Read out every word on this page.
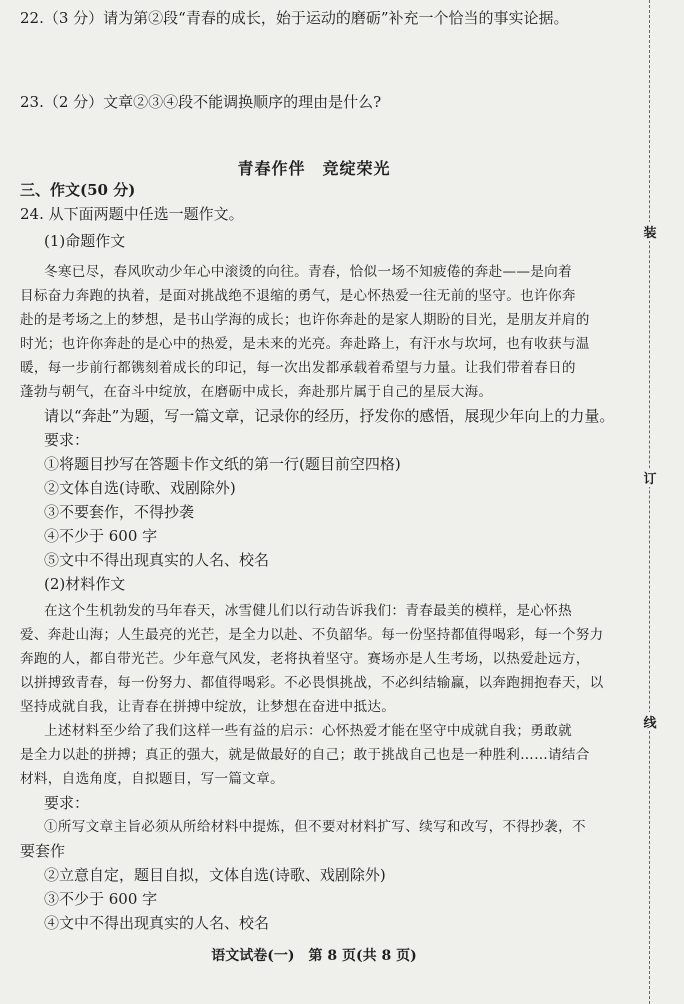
22.（3 分）请为第②段“青春的成长，始于运动的磨砺”补充一个恰当的事实论据。
23.（2 分）文章②③④段不能调换顺序的理由是什么?
青春作伴　竞绽荣光
三、作文(50 分)
24. 从下面两题中任选一题作文。
(1)命题作文
冬寒已尽，春风吹动少年心中滚烫的向往。青春，恰似一场不知疲倦的奔赴——是向着
目标奋力奔跑的执着，是面对挑战绝不退缩的勇气，是心怀热爱一往无前的坚守。也许你奔
赴的是考场之上的梦想，是书山学海的成长；也许你奔赴的是家人期盼的目光，是朋友并肩的
时光；也许你奔赴的是心中的热爱，是未来的光亮。奔赴路上，有汗水与坎坷，也有收获与温
暖，每一步前行都镌刻着成长的印记，每一次出发都承载着希望与力量。让我们带着春日的
蓬勃与朝气，在奋斗中绽放，在磨砺中成长，奔赴那片属于自己的星辰大海。
请以“奔赴”为题，写一篇文章，记录你的经历，抒发你的感悟，展现少年向上的力量。
要求：
①将题目抄写在答题卡作文纸的第一行(题目前空四格)
②文体自选(诗歌、戏剧除外)
③不要套作，不得抄袭
④不少于 600 字
⑤文中不得出现真实的人名、校名
(2)材料作文
在这个生机勃发的马年春天，冰雪健儿们以行动告诉我们：青春最美的模样，是心怀热
爱、奔赴山海；人生最亮的光芒，是全力以赴、不负韶华。每一份坚持都值得喝彩，每一个努力
奔跑的人，都自带光芒。少年意气风发，老将执着坚守。赛场亦是人生考场，以热爱赴远方，
以拼搏致青春，每一份努力、都值得喝彩。不必畏惧挑战，不必纠结输赢，以奔跑拥抱春天，以
坚持成就自我，让青春在拼搏中绽放，让梦想在奋进中抵达。
上述材料至少给了我们这样一些有益的启示：心怀热爱才能在坚守中成就自我；勇敢就
是全力以赴的拼搏；真正的强大，就是做最好的自己；敢于挑战自己也是一种胜利……请结合
材料，自选角度，自拟题目，写一篇文章。
要求：
①所写文章主旨必须从所给材料中提炼，但不要对材料扩写、续写和改写，不得抄袭，不
要套作
②立意自定，题目自拟，文体自选(诗歌、戏剧除外)
③不少于 600 字
④文中不得出现真实的人名、校名
语文试卷(一)　第 8 页(共 8 页)
装
订
线
